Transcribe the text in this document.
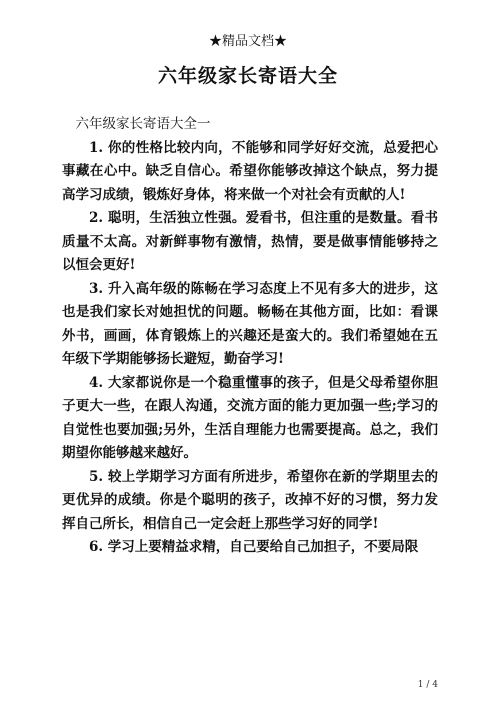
★精品文档★
六年级家长寄语大全

六年级家长寄语大全一

1. 你的性格比较内向，不能够和同学好好交流，总爱把心事藏在心中。缺乏自信心。希望你能够改掉这个缺点，努力提高学习成绩，锻炼好身体，将来做一个对社会有贡献的人!

2. 聪明，生活独立性强。爱看书，但注重的是数量。看书质量不太高。对新鲜事物有激情，热情，要是做事情能够持之以恒会更好!

3. 升入高年级的陈畅在学习态度上不见有多大的进步，这也是我们家长对她担忧的问题。畅畅在其他方面，比如：看课外书，画画，体育锻炼上的兴趣还是蛮大的。我们希望她在五年级下学期能够扬长避短，勤奋学习!

4. 大家都说你是一个稳重懂事的孩子，但是父母希望你胆子更大一些，在跟人沟通，交流方面的能力更加强一些;学习的自觉性也要加强;另外，生活自理能力也需要提高。总之，我们期望你能够越来越好。

5. 较上学期学习方面有所进步，希望你在新的学期里去的更优异的成绩。你是个聪明的孩子，改掉不好的习惯，努力发挥自己所长，相信自己一定会赶上那些学习好的同学!

6. 学习上要精益求精，自己要给自己加担子，不要局限

1 / 4
